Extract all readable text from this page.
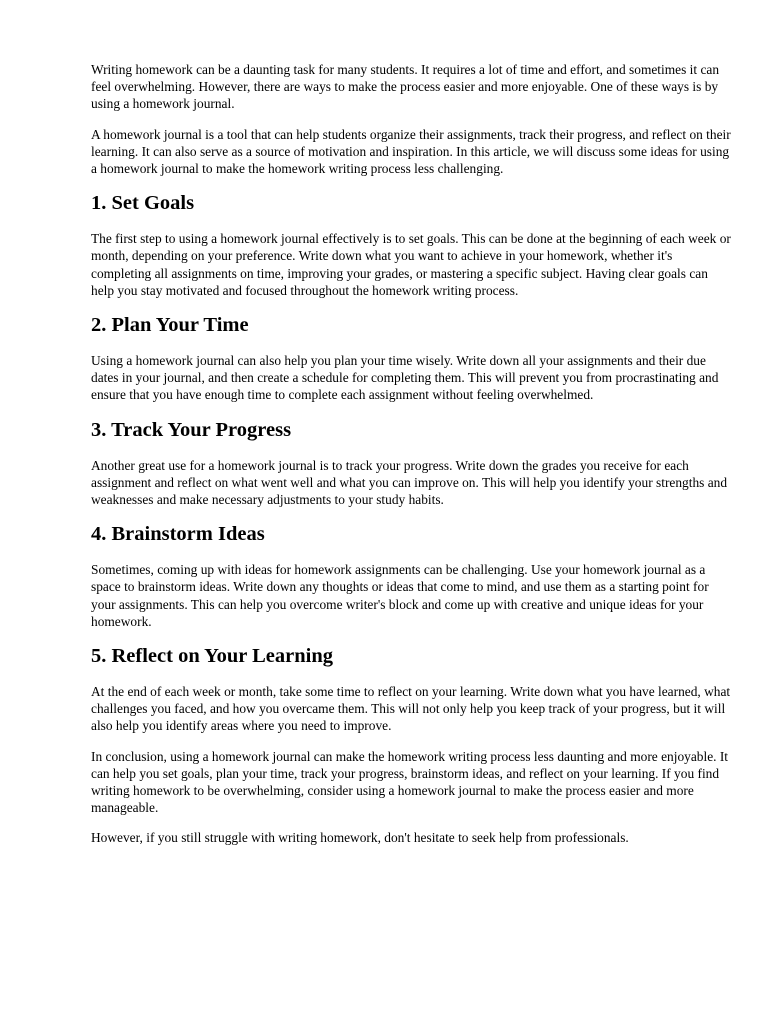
Writing homework can be a daunting task for many students. It requires a lot of time and effort, and sometimes it can feel overwhelming. However, there are ways to make the process easier and more enjoyable. One of these ways is by using a homework journal.

A homework journal is a tool that can help students organize their assignments, track their progress, and reflect on their learning. It can also serve as a source of motivation and inspiration. In this article, we will discuss some ideas for using a homework journal to make the homework writing process less challenging.

1. Set Goals

The first step to using a homework journal effectively is to set goals. This can be done at the beginning of each week or month, depending on your preference. Write down what you want to achieve in your homework, whether it's completing all assignments on time, improving your grades, or mastering a specific subject. Having clear goals can help you stay motivated and focused throughout the homework writing process.

2. Plan Your Time

Using a homework journal can also help you plan your time wisely. Write down all your assignments and their due dates in your journal, and then create a schedule for completing them. This will prevent you from procrastinating and ensure that you have enough time to complete each assignment without feeling overwhelmed.

3. Track Your Progress

Another great use for a homework journal is to track your progress. Write down the grades you receive for each assignment and reflect on what went well and what you can improve on. This will help you identify your strengths and weaknesses and make necessary adjustments to your study habits.

4. Brainstorm Ideas

Sometimes, coming up with ideas for homework assignments can be challenging. Use your homework journal as a space to brainstorm ideas. Write down any thoughts or ideas that come to mind, and use them as a starting point for your assignments. This can help you overcome writer's block and come up with creative and unique ideas for your homework.

5. Reflect on Your Learning

At the end of each week or month, take some time to reflect on your learning. Write down what you have learned, what challenges you faced, and how you overcame them. This will not only help you keep track of your progress, but it will also help you identify areas where you need to improve.

In conclusion, using a homework journal can make the homework writing process less daunting and more enjoyable. It can help you set goals, plan your time, track your progress, brainstorm ideas, and reflect on your learning. If you find writing homework to be overwhelming, consider using a homework journal to make the process easier and more manageable.

However, if you still struggle with writing homework, don't hesitate to seek help from professionals.
